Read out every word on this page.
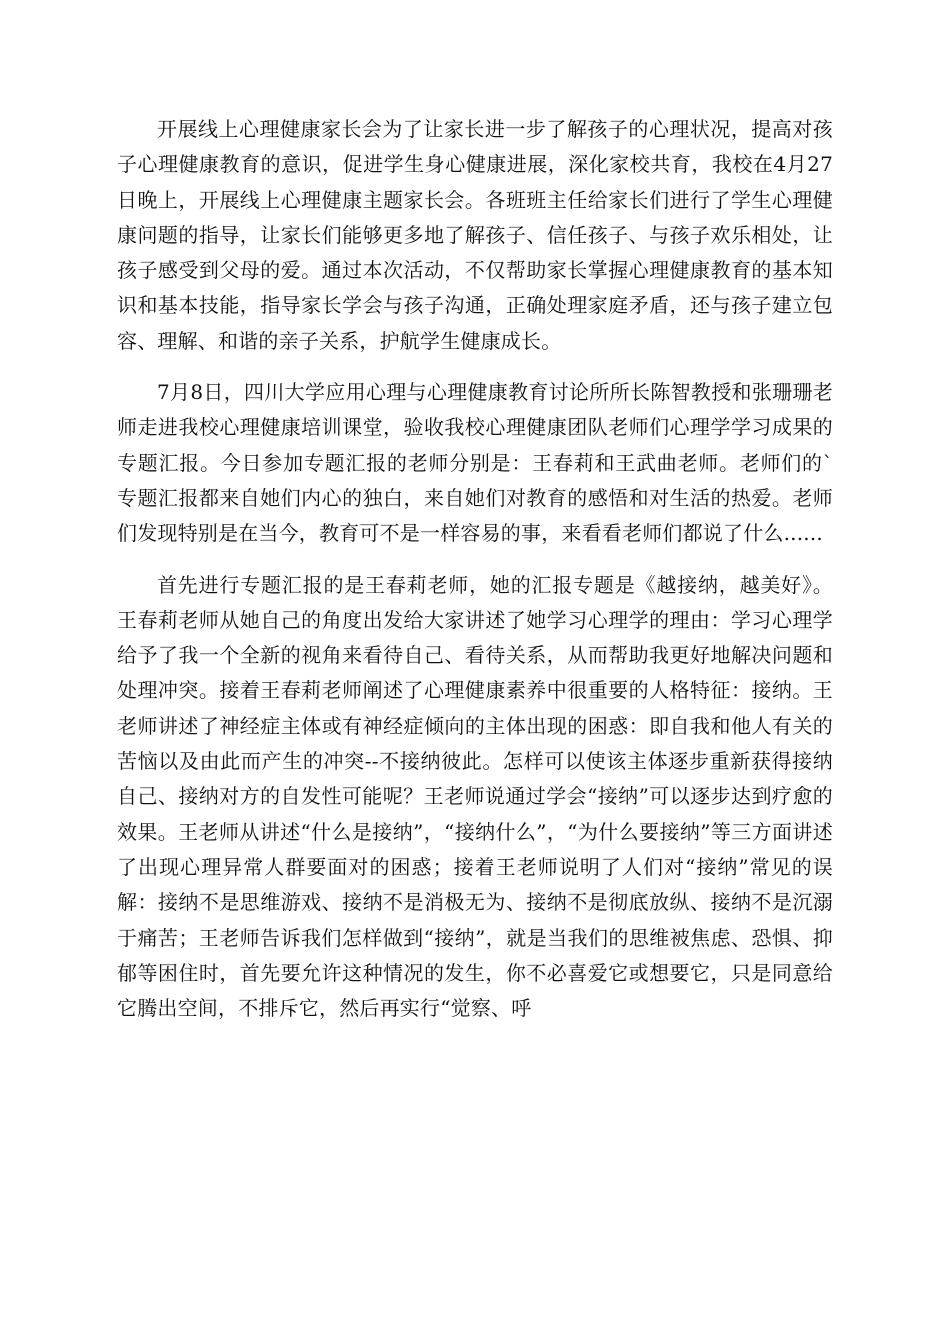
开展线上心理健康家长会为了让家长进一步了解孩子的心理状况，提高对孩子心理健康教育的意识，促进学生身心健康进展，深化家校共育，我校在4月27日晚上，开展线上心理健康主题家长会。各班班主任给家长们进行了学生心理健康问题的指导，让家长们能够更多地了解孩子、信任孩子、与孩子欢乐相处，让孩子感受到父母的爱。通过本次活动，不仅帮助家长掌握心理健康教育的基本知识和基本技能，指导家长学会与孩子沟通，正确处理家庭矛盾，还与孩子建立包容、理解、和谐的亲子关系，护航学生健康成长。

7月8日，四川大学应用心理与心理健康教育讨论所所长陈智教授和张珊珊老师走进我校心理健康培训课堂，验收我校心理健康团队老师们心理学学习成果的专题汇报。今日参加专题汇报的老师分别是：王春莉和王武曲老师。老师们的`专题汇报都来自她们内心的独白，来自她们对教育的感悟和对生活的热爱。老师们发现特别是在当今，教育可不是一样容易的事，来看看老师们都说了什么......

首先进行专题汇报的是王春莉老师，她的汇报专题是《越接纳，越美好》。王春莉老师从她自己的角度出发给大家讲述了她学习心理学的理由：学习心理学给予了我一个全新的视角来看待自己、看待关系，从而帮助我更好地解决问题和处理冲突。接着王春莉老师阐述了心理健康素养中很重要的人格特征：接纳。王老师讲述了神经症主体或有神经症倾向的主体出现的困惑：即自我和他人有关的苦恼以及由此而产生的冲突--不接纳彼此。怎样可以使该主体逐步重新获得接纳自己、接纳对方的自发性可能呢？王老师说通过学会“接纳”可以逐步达到疗愈的效果。王老师从讲述“什么是接纳”，“接纳什么”，“为什么要接纳”等三方面讲述了出现心理异常人群要面对的困惑；接着王老师说明了人们对“接纳”常见的误解：接纳不是思维游戏、接纳不是消极无为、接纳不是彻底放纵、接纳不是沉溺于痛苦；王老师告诉我们怎样做到“接纳”，就是当我们的思维被焦虑、恐惧、抑郁等困住时，首先要允许这种情况的发生，你不必喜爱它或想要它，只是同意给它腾出空间，不排斥它，然后再实行“觉察、呼
